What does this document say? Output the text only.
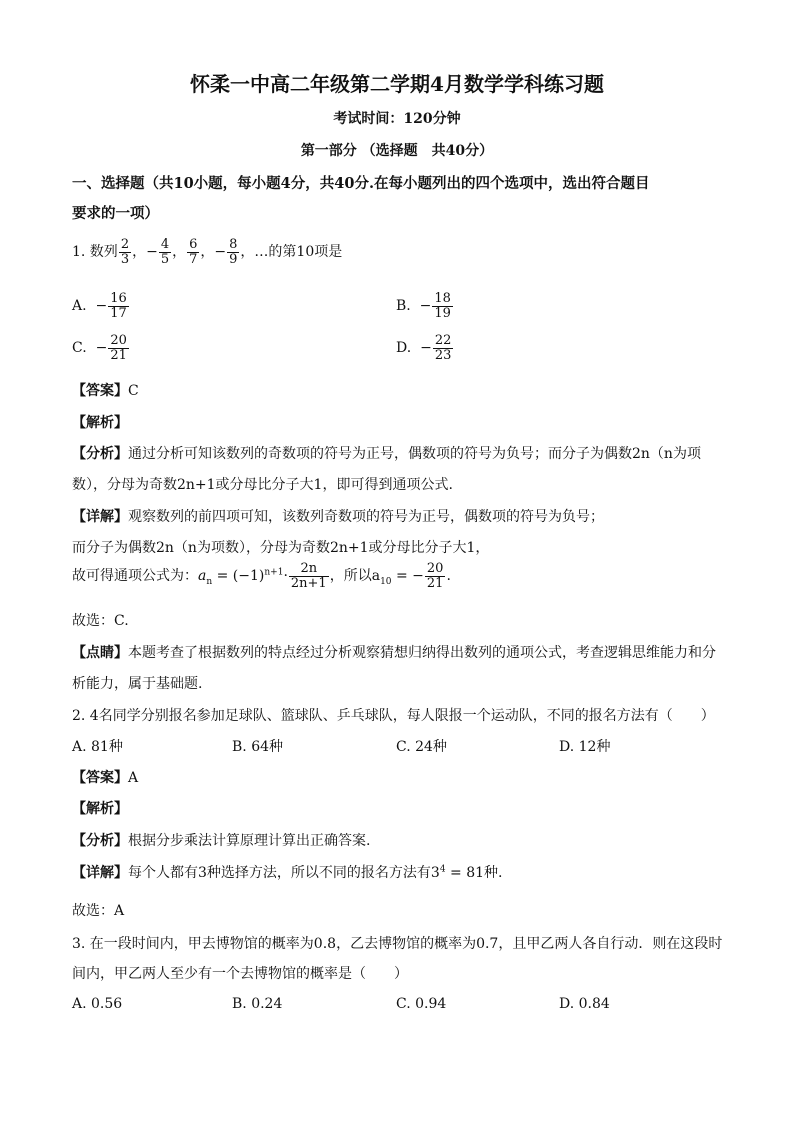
怀柔一中高二年级第二学期4月数学学科练习题
考试时间：120分钟
第一部分 （选择题　共40分）
一、选择题（共10小题，每小题4分，共40分.在每小题列出的四个选项中，选出符合题目
要求的一项）
1. 数列 $\frac{2}{3}$ ，− $\frac{4}{5}$ ， $\frac{6}{7}$ ，− $\frac{8}{9}$ ，…的第10项是
A. − $\frac{16}{17}$	B. − $\frac{18}{19}$
C. − $\frac{20}{21}$	D. − $\frac{22}{23}$
【答案】C
【解析】
【分析】通过分析可知该数列的奇数项的符号为正号，偶数项的符号为负号；而分子为偶数2n（n为项
数），分母为奇数2n+1或分母比分子大1，即可得到通项公式.
【详解】观察数列的前四项可知，该数列奇数项的符号为正号，偶数项的符号为负号；
而分子为偶数2n（n为项数），分母为奇数2n+1或分母比分子大1，
故可得通项公式为：$a_n = (-1)^{n+1}\cdot \frac{2n}{2n+1}$ ，所以$a_{10}$ = − $\frac{20}{21}$ .
故选：C.
【点睛】本题考查了根据数列的特点经过分析观察猜想归纳得出数列的通项公式，考查逻辑思维能力和分
析能力，属于基础题.
2. 4名同学分别报名参加足球队、篮球队、乒乓球队，每人限报一个运动队，不同的报名方法有（　　）
A. 81种	B. 64种	C. 24种	D. 12种
【答案】A
【解析】
【分析】根据分步乘法计算原理计算出正确答案.
【详解】每个人都有3种选择方法，所以不同的报名方法有$3^4 = 81$种.
故选：A
3. 在一段时间内，甲去博物馆的概率为0.8，乙去博物馆的概率为0.7，且甲乙两人各自行动．则在这段时
间内，甲乙两人至少有一个去博物馆的概率是（　　）
A. 0.56	B. 0.24	C. 0.94	D. 0.84
